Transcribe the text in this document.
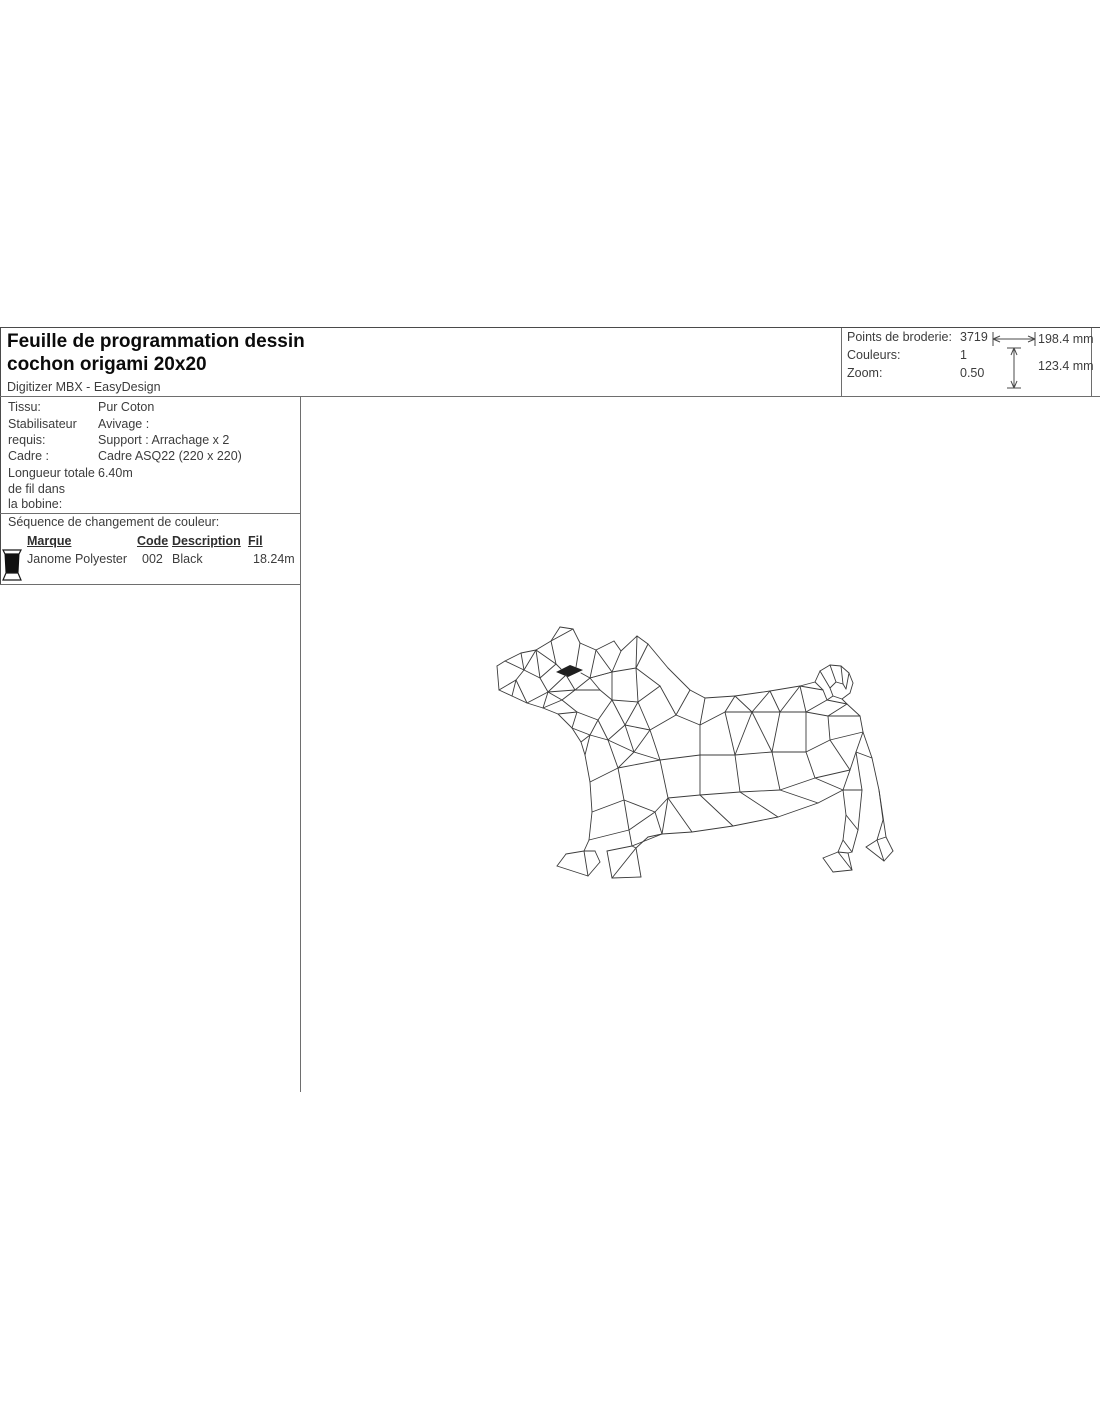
Feuille de programmation dessin
cochon origami 20x20
Digitizer MBX - EasyDesign
Points de broderie: 3719
Couleurs:	1
Zoom:	0.50
198.4 mm
123.4 mm
Tissu:	Pur Coton
Stabilisateur
requis:
Avivage :
Support : Arrachage x 2
Cadre :	Cadre ASQ22 (220 x 220)
Longueur totale
de fil dans
la bobine:
6.40m
Séquence de changement de couleur:
Marque	Code Description Fil
Janome Polyester 002 Black	18.24m
